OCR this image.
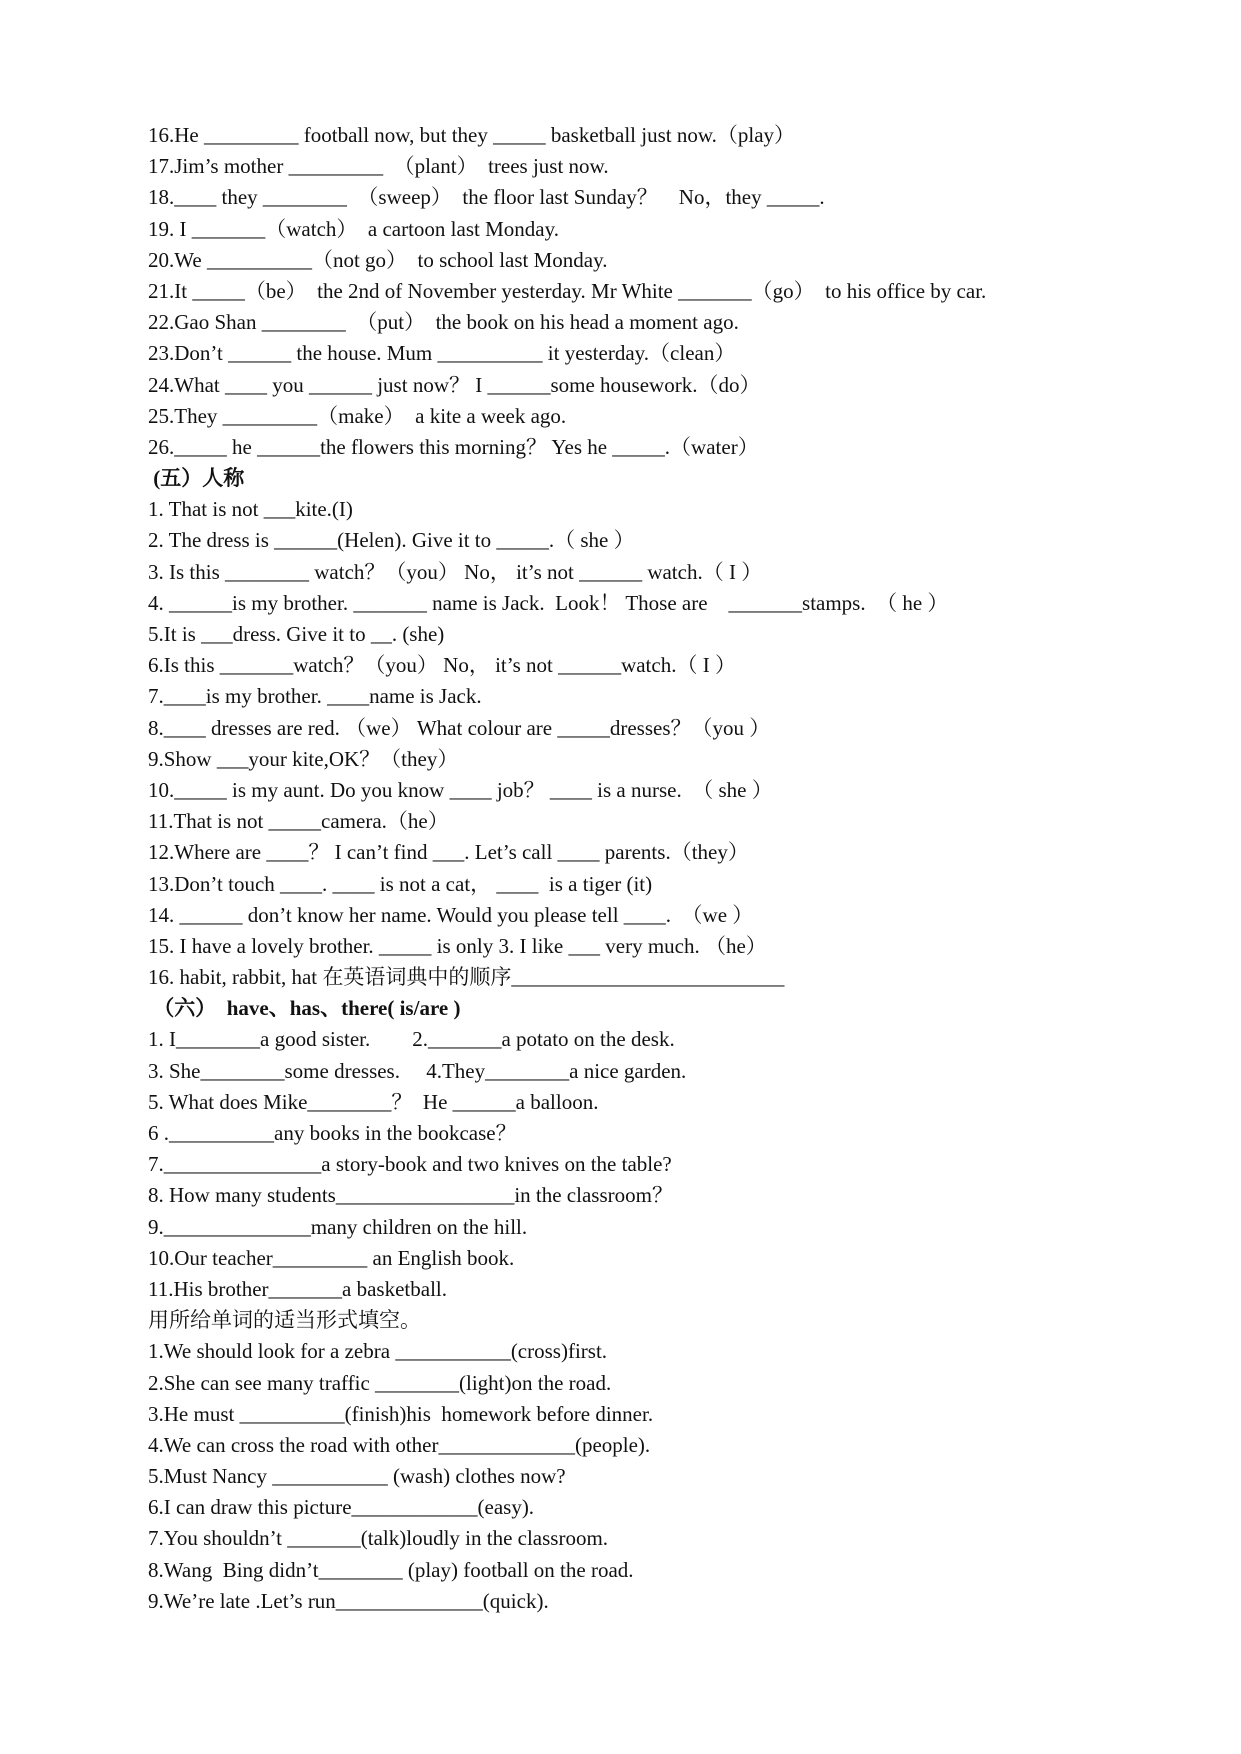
16.He _________ football now, but they _____ basketball just now.（play）
17.Jim’s mother _________  （plant）  trees just now.
18.____ they ________  （sweep）  the floor last Sunday？    No，they _____.
19. I _______（watch）  a cartoon last Monday.
20.We __________（not go）  to school last Monday.
21.It _____（be）  the 2nd of November yesterday. Mr White _______（go）  to his office by car.
22.Gao Shan ________  （put）  the book on his head a moment ago.
23.Don’t ______ the house. Mum __________ it yesterday.（clean）
24.What ____ you ______ just now？ I ______some housework.（do）
25.They _________（make）  a kite a week ago.
26._____ he ______the flowers this morning？ Yes he _____.（water）
(五）人称
1. That is not ___kite.(I)
2. The dress is ______(Helen). Give it to _____.（ she ）
3. Is this ________ watch？（you） No， it’s not ______ watch.（ I ）
4. ______is my brother. _______ name is Jack.  Look！ Those are    _______stamps.  （ he ）
5.It is ___dress. Give it to __. (she)
6.Is this _______watch？（you） No， it’s not ______watch.（ I ）
7.____is my brother. ____name is Jack.
8.____ dresses are red. （we） What colour are _____dresses？（you ）
9.Show ___your kite,OK？（they）
10._____ is my aunt. Do you know ____ job？ ____ is a nurse.  （ she ）
11.That is not _____camera.（he）
12.Where are ____？ I can’t find ___. Let’s call ____ parents.（they）
13.Don’t touch ____. ____ is not a cat， ____  is a tiger (it)
14. ______ don’t know her name. Would you please tell ____.  （we ）
15. I have a lovely brother. _____ is only 3. I like ___ very much. （he）
16. habit, rabbit, hat 在英语词典中的顺序__________________________
（六）  have、has、there( is/are )
1. I________a good sister.        2._______a potato on the desk.
3. She________some dresses.     4.They________a nice garden.
5. What does Mike________？  He ______a balloon.
6 .__________any books in the bookcase？
7._______________a story-book and two knives on the table?
8. How many students_________________in the classroom？
9.______________many children on the hill.
10.Our teacher_________ an English book.
11.His brother_______a basketball.
用所给单词的适当形式填空。
1.We should look for a zebra ___________(cross)first.
2.She can see many traffic ________(light)on the road.
3.He must __________(finish)his  homework before dinner.
4.We can cross the road with other_____________(people).
5.Must Nancy ___________ (wash) clothes now?
6.I can draw this picture____________(easy).
7.You shouldn’t _______(talk)loudly in the classroom.
8.Wang  Bing didn’t________ (play) football on the road.
9.We’re late .Let’s run______________(quick).
